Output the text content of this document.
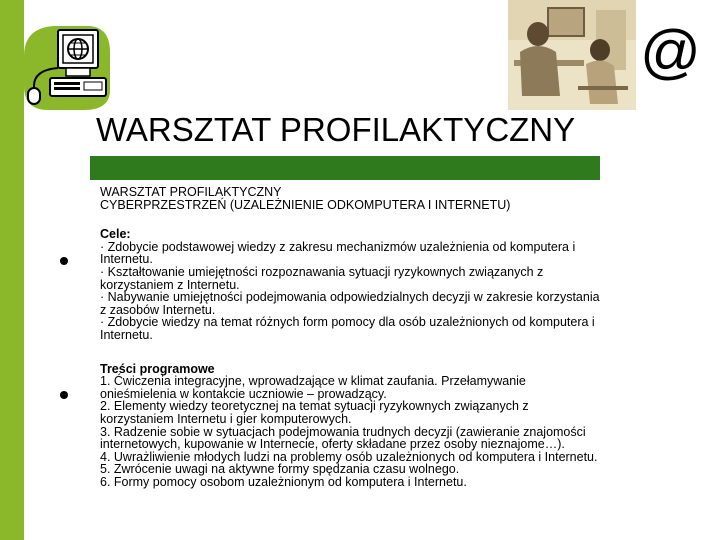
@
WARSZTAT PROFILAKTYCZNY
WARSZTAT PROFILAKTYCZNY
CYBERPRZESTRZEŃ (UZALEŻNIENIE ODKOMPUTERA I INTERNETU)
Cele:
· Zdobycie podstawowej wiedzy z zakresu mechanizmów uzależnienia od komputera i
Internetu.
· Kształtowanie umiejętności rozpoznawania sytuacji ryzykownych związanych z
korzystaniem z Internetu.
· Nabywanie umiejętności podejmowania odpowiedzialnych decyzji w zakresie korzystania
z zasobów Internetu.
· Zdobycie wiedzy na temat różnych form pomocy dla osób uzależnionych od komputera i
Internetu.
Treści programowe
1. Ćwiczenia integracyjne, wprowadzające w klimat zaufania. Przełamywanie
onieśmielenia w kontakcie uczniowie – prowadzący.
2. Elementy wiedzy teoretycznej na temat sytuacji ryzykownych związanych z
korzystaniem Internetu i gier komputerowych.
3. Radzenie sobie w sytuacjach podejmowania trudnych decyzji (zawieranie znajomości
internetowych, kupowanie w Internecie, oferty składane przez osoby nieznajome…).
4. Uwrażliwienie młodych ludzi na problemy osób uzależnionych od komputera i Internetu.
5. Zwrócenie uwagi na aktywne formy spędzania czasu wolnego.
6. Formy pomocy osobom uzależnionym od komputera i Internetu.
